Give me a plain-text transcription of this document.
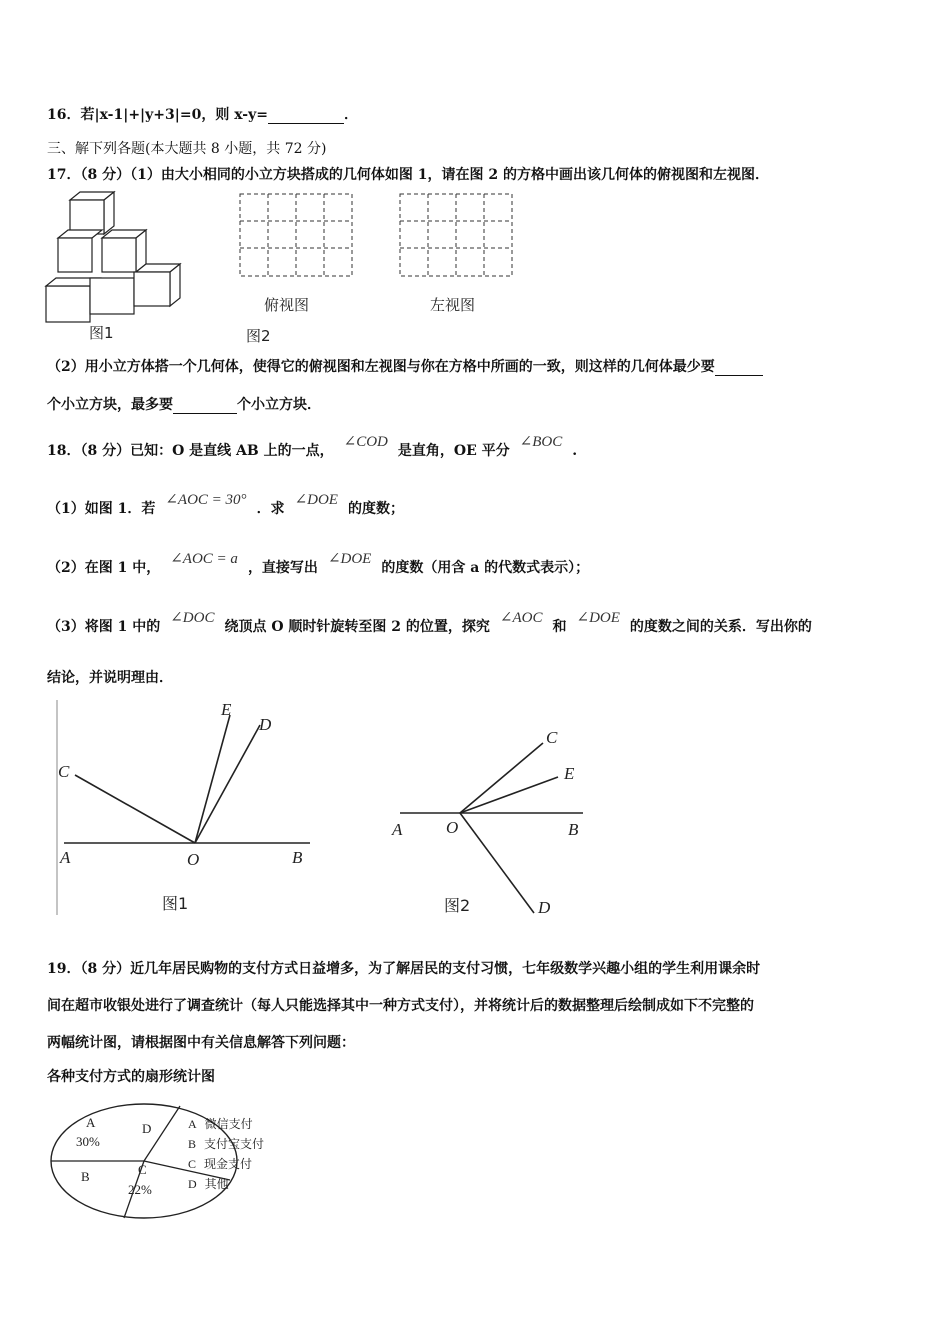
16．若|x-1|+|y+3|=0，则 x-y=	．
三、解下列各题(本大题共 8 小题，共 72 分)
17．（8 分）（1）由大小相同的小立方块搭成的几何体如图 1，请在图 2 的方格中画出该几何体的俯视图和左视图．
图1	图2
俯视图	左视图
（2）用小立方体搭一个几何体，使得它的俯视图和左视图与你在方格中所画的一致，则这样的几何体最少要
个小立方块，最多要	个小立方块．
18．（8 分）已知：O 是直线 AB 上的一点，∠COD是直角，OE 平分∠BOC.
（1）如图 1．若∠AOC = 30°．求∠DOE的度数；
（2）在图 1 中，∠AOC = a，直接写出∠DOE的度数（用含 a 的代数式表示）；
（3）将图 1 中的∠DOC绕顶点 O 顺时针旋转至图 2 的位置，探究∠AOC和∠DOE的度数之间的关系．写出你的
结论，并说明理由．
A	O	B
C
E
D
图1
A	O	B
C
E
D
图2
19．（8 分）近几年居民购物的支付方式日益增多，为了解居民的支付习惯，七年级数学兴趣小组的学生利用课余时
间在超市收银处进行了调查统计（每人只能选择其中一种方式支付），并将统计后的数据整理后绘制成如下不完整的
两幅统计图，请根据图中有关信息解答下列问题：
各种支付方式的扇形统计图
A
30%
D
B	C
22%
A 微信支付
B 支付宝支付
C 现金支付
D 其他
